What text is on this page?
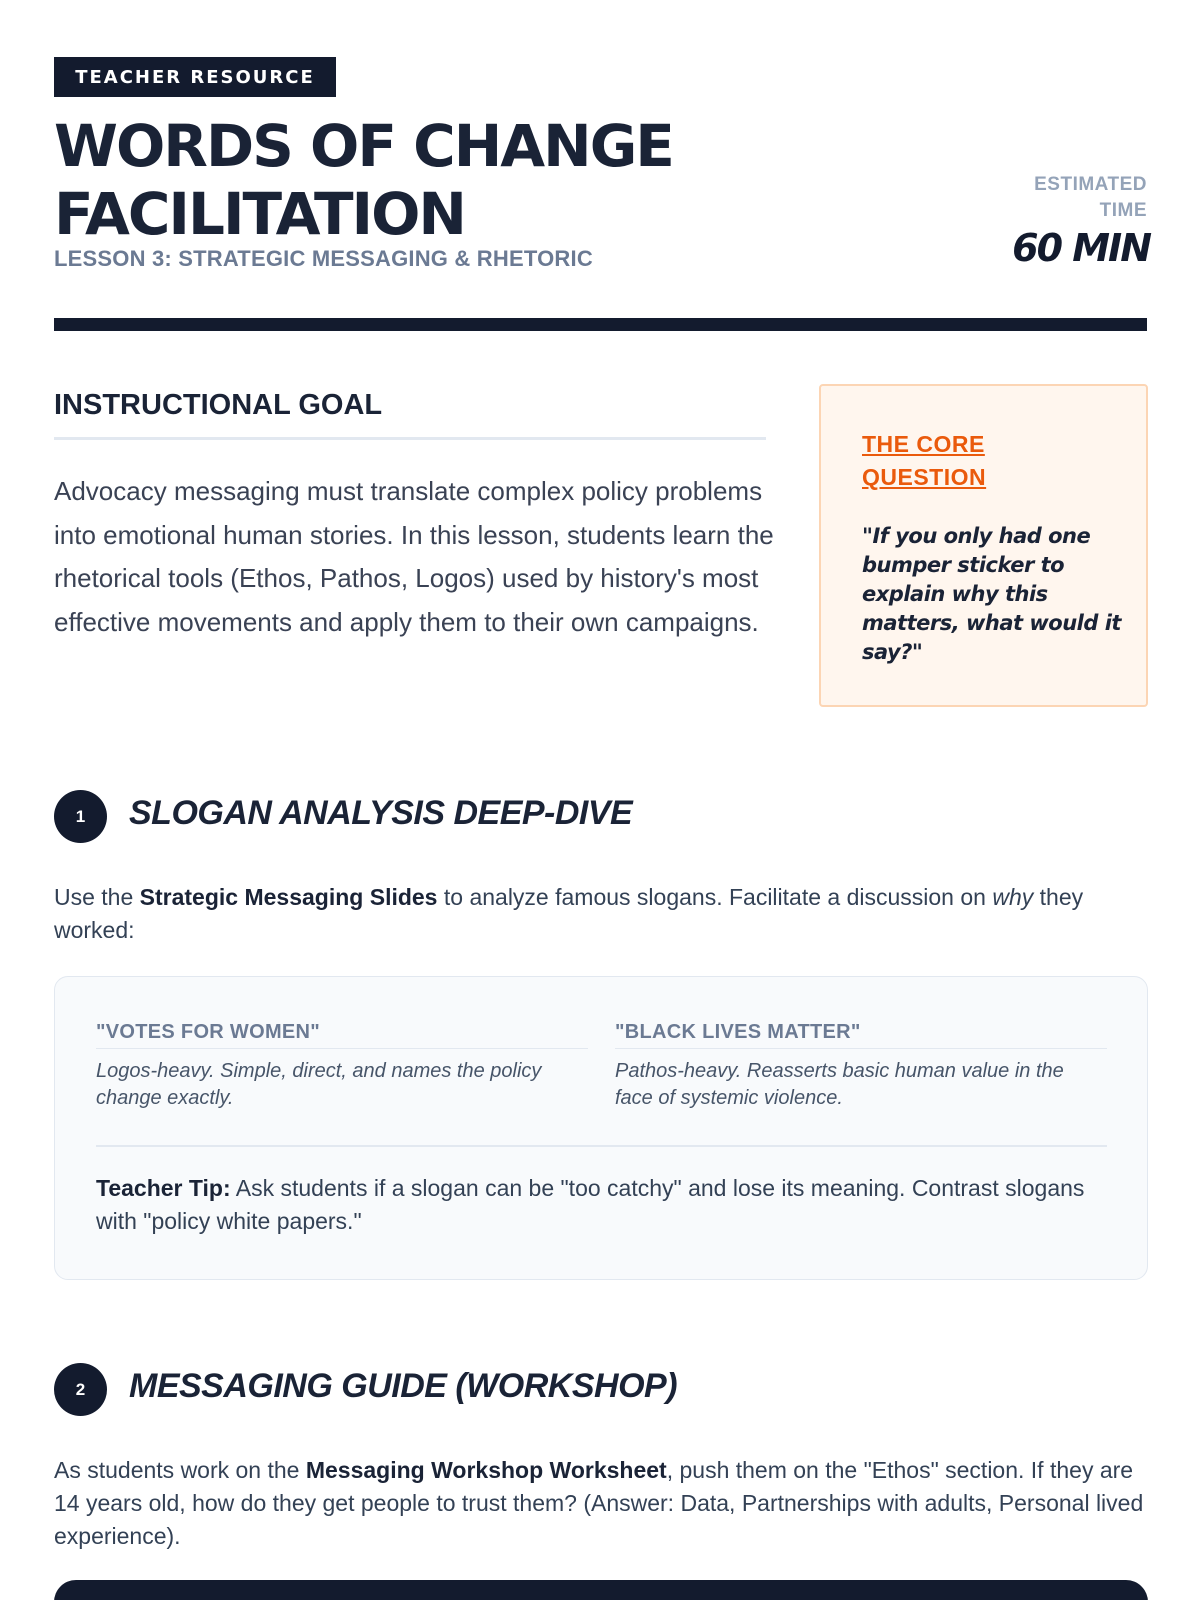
TEACHER RESOURCE
WORDS OF CHANGE FACILITATION
LESSON 3: STRATEGIC MESSAGING & RHETORIC
ESTIMATED TIME
60 MIN
INSTRUCTIONAL GOAL

Advocacy messaging must translate complex policy problems into emotional human stories. In this lesson, students learn the rhetorical tools (Ethos, Pathos, Logos) used by history's most effective movements and apply them to their own campaigns.

THE CORE QUESTION
"If you only had one bumper sticker to explain why this matters, what would it say?"
1	SLOGAN ANALYSIS DEEP-DIVE

Use the Strategic Messaging Slides to analyze famous slogans. Facilitate a discussion on why they worked:

"VOTES FOR WOMEN"
Logos-heavy. Simple, direct, and names the policy change exactly.
"BLACK LIVES MATTER"
Pathos-heavy. Reasserts basic human value in the face of systemic violence.

Teacher Tip: Ask students if a slogan can be "too catchy" and lose its meaning. Contrast slogans with "policy white papers."

2	MESSAGING GUIDE (WORKSHOP)

As students work on the Messaging Workshop Worksheet, push them on the "Ethos" section. If they are 14 years old, how do they get people to trust them? (Answer: Data, Partnerships with adults, Personal lived experience).
